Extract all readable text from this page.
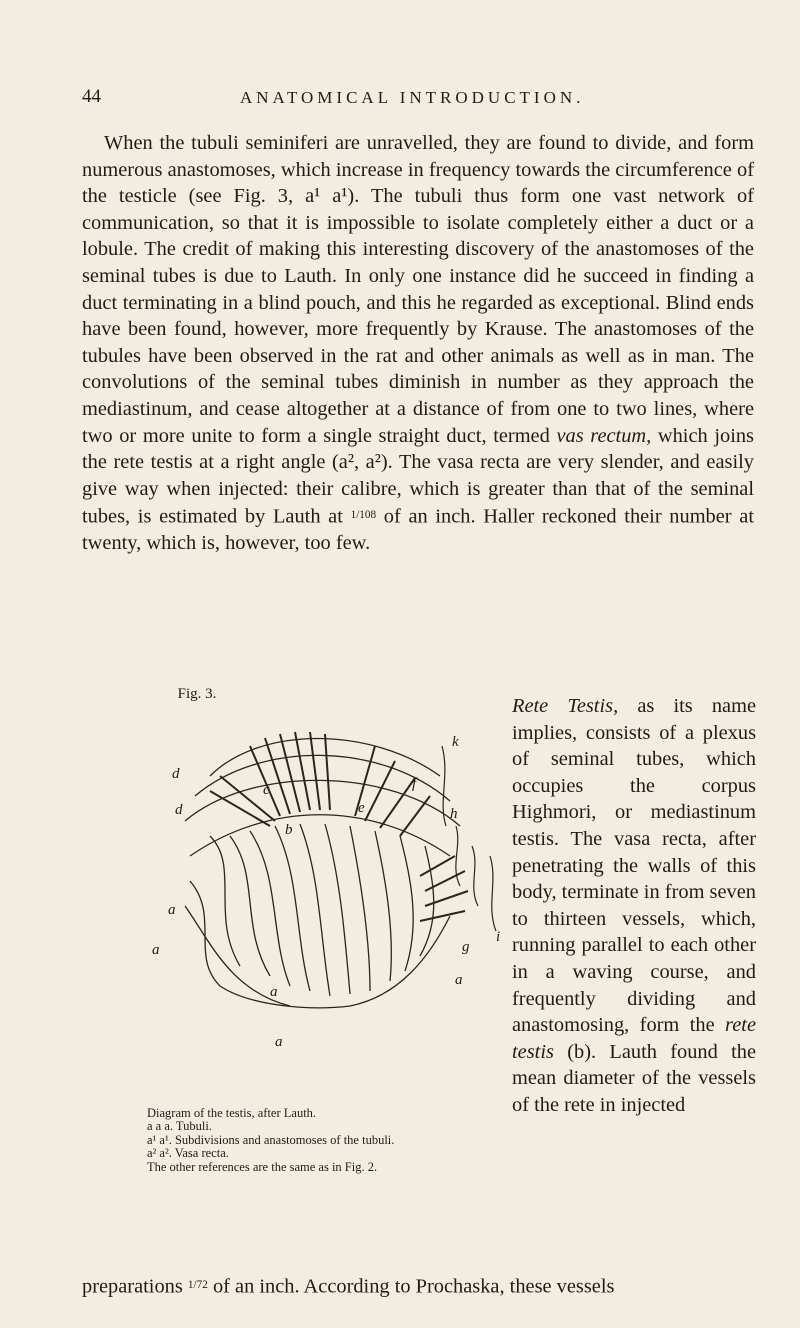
44	ANATOMICAL INTRODUCTION.

When the tubuli seminiferi are unravelled, they are found to divide, and form numerous anastomoses, which increase in frequency towards the circumference of the testicle (see Fig. 3, a¹ a¹). The tubuli thus form one vast network of communication, so that it is impossible to isolate completely either a duct or a lobule. The credit of making this interesting discovery of the anastomoses of the seminal tubes is due to Lauth. In only one instance did he succeed in finding a duct terminating in a blind pouch, and this he regarded as exceptional. Blind ends have been found, however, more frequently by Krause. The anastomoses of the tubules have been observed in the rat and other animals as well as in man. The convolutions of the seminal tubes diminish in number as they approach the mediastinum, and cease altogether at a distance of from one to two lines, where two or more unite to form a single straight duct, termed vas rectum, which joins the rete testis at a right angle (a², a²). The vasa recta are very slender, and easily give way when injected: their calibre, which is greater than that of the seminal tubes, is estimated by Lauth at $^{1/108}$ of an inch. Haller reckoned their number at twenty, which is, however, too few.

Fig. 3.
d
d
k
c	f
b
e	h
a
a
a
i
g
a
a
Diagram of the testis, after Lauth.
a a a. Tubuli.
a¹ a¹. Subdivisions and anastomoses of the tubuli.
a² a². Vasa recta.
The other references are the same as in Fig. 2.

Rete Testis, as its name implies, consists of a plexus of seminal tubes, which occupies the corpus Highmori, or mediastinum testis. The vasa recta, after penetrating the walls of this body, terminate in from seven to thirteen vessels, which, running parallel to each other in a waving course, and frequently dividing and anastomosing, form the rete testis (b). Lauth found the mean diameter of the vessels of the rete in injected

preparations $^{1/72}$ of an inch. According to Prochaska, these vessels
